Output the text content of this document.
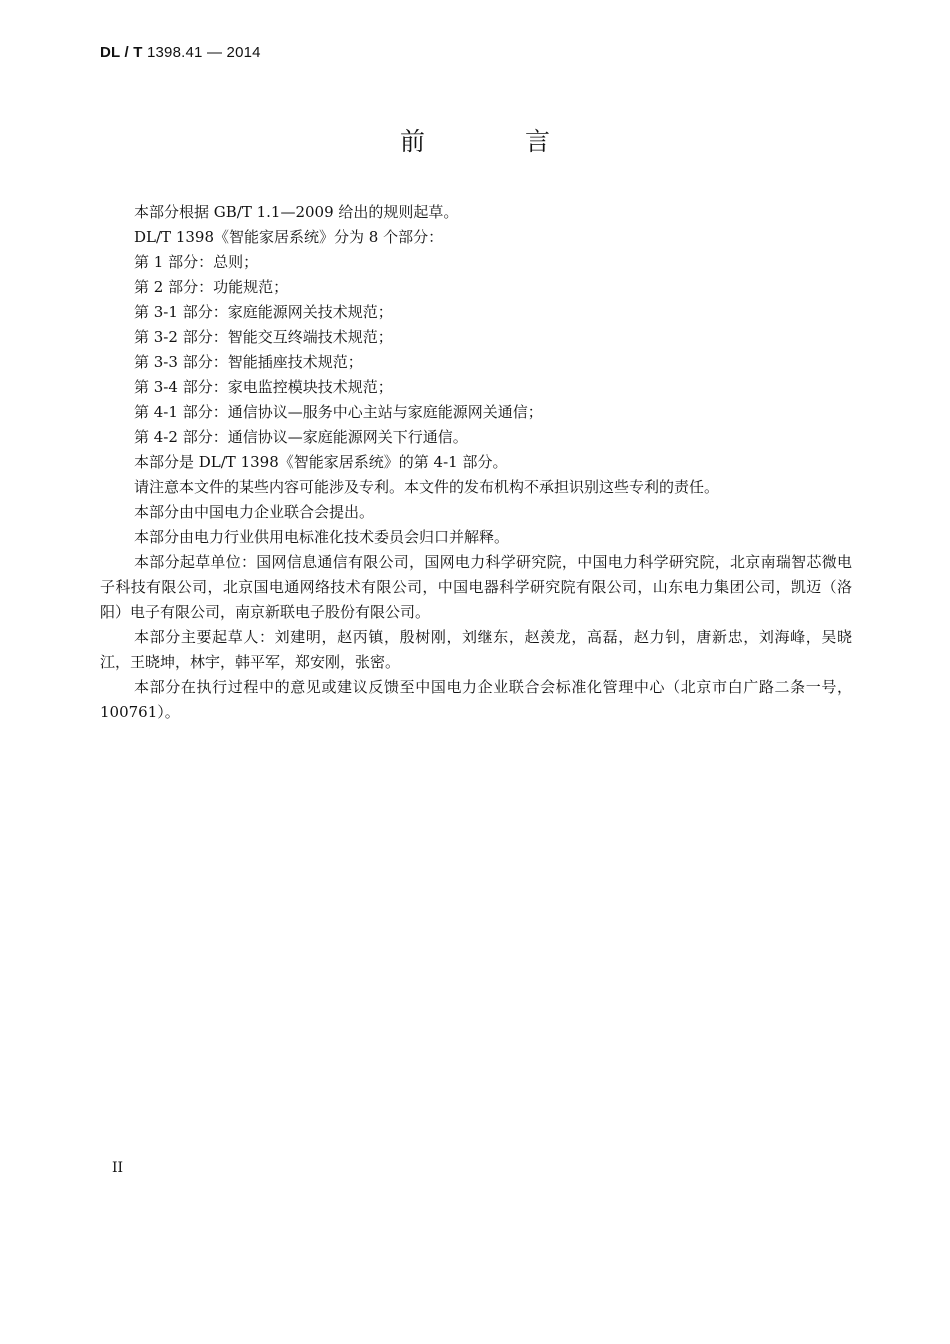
DL / T 1398.41 — 2014
前 言

本部分根据 GB/T 1.1—2009 给出的规则起草。

DL/T 1398《智能家居系统》分为 8 个部分：

第 1 部分：总则；

第 2 部分：功能规范；

第 3-1 部分：家庭能源网关技术规范；

第 3-2 部分：智能交互终端技术规范；

第 3-3 部分：智能插座技术规范；

第 3-4 部分：家电监控模块技术规范；

第 4-1 部分：通信协议—服务中心主站与家庭能源网关通信；

第 4-2 部分：通信协议—家庭能源网关下行通信。

本部分是 DL/T 1398《智能家居系统》的第 4-1 部分。

请注意本文件的某些内容可能涉及专利。本文件的发布机构不承担识别这些专利的责任。

本部分由中国电力企业联合会提出。

本部分由电力行业供用电标准化技术委员会归口并解释。

本部分起草单位：国网信息通信有限公司，国网电力科学研究院，中国电力科学研究院，北京南瑞智芯微电子科技有限公司，北京国电通网络技术有限公司，中国电器科学研究院有限公司，山东电力集团公司，凯迈（洛阳）电子有限公司，南京新联电子股份有限公司。

本部分主要起草人：刘建明，赵丙镇，殷树刚，刘继东，赵羡龙，高磊，赵力钊，唐新忠，刘海峰，吴晓江，王晓坤，林宇，韩平军，郑安刚，张密。

本部分在执行过程中的意见或建议反馈至中国电力企业联合会标准化管理中心（北京市白广路二条一号，100761）。

II
